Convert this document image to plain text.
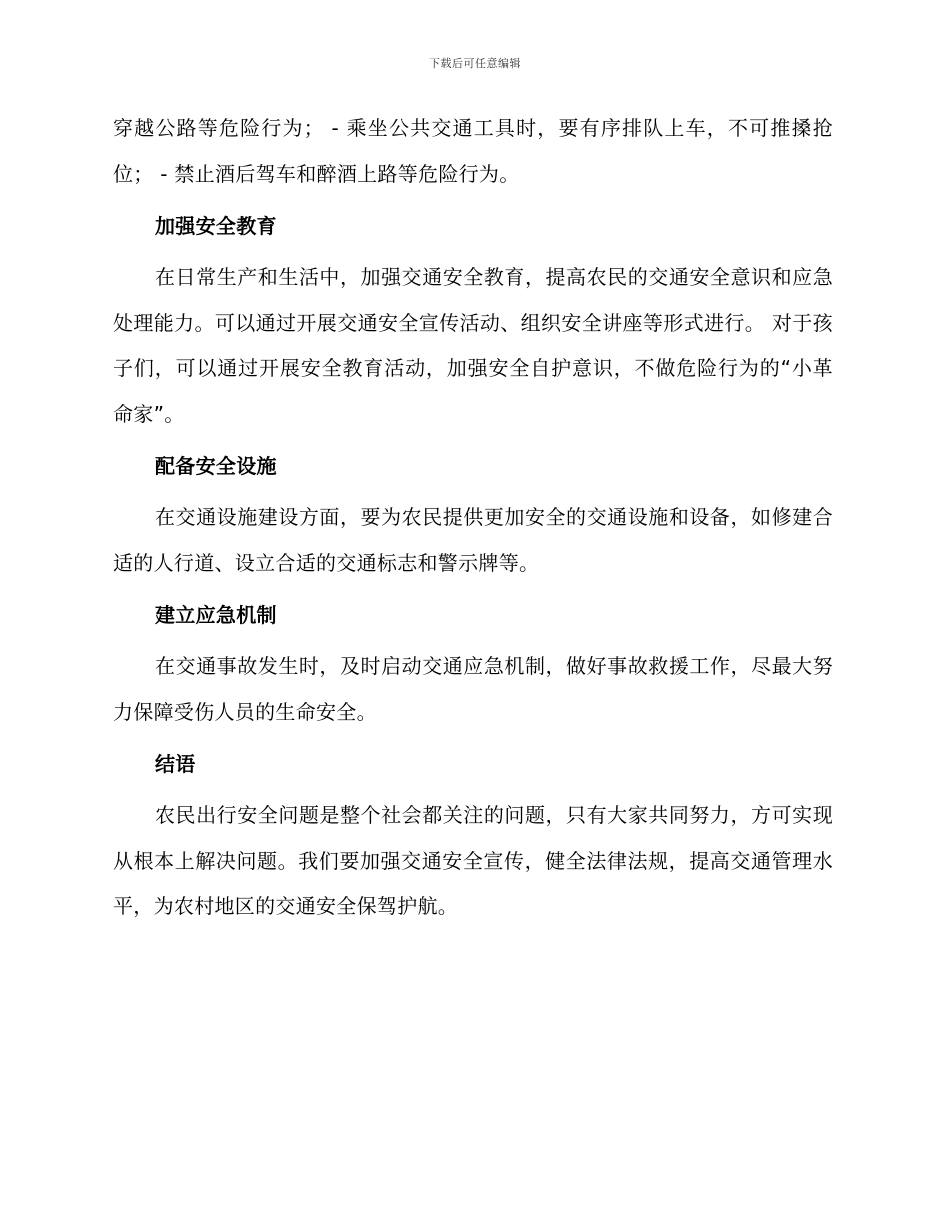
下载后可任意编辑

穿越公路等危险行为； - 乘坐公共交通工具时，要有序排队上车，不可推搡抢位； - 禁止酒后驾车和醉酒上路等危险行为。

加强安全教育

在日常生产和生活中，加强交通安全教育，提高农民的交通安全意识和应急处理能力。可以通过开展交通安全宣传活动、组织安全讲座等形式进行。 对于孩子们，可以通过开展安全教育活动，加强安全自护意识，不做危险行为的“小革命家”。

配备安全设施

在交通设施建设方面，要为农民提供更加安全的交通设施和设备，如修建合适的人行道、设立合适的交通标志和警示牌等。

建立应急机制

在交通事故发生时，及时启动交通应急机制，做好事故救援工作，尽最大努力保障受伤人员的生命安全。

结语

农民出行安全问题是整个社会都关注的问题，只有大家共同努力，方可实现从根本上解决问题。我们要加强交通安全宣传，健全法律法规，提高交通管理水平，为农村地区的交通安全保驾护航。
